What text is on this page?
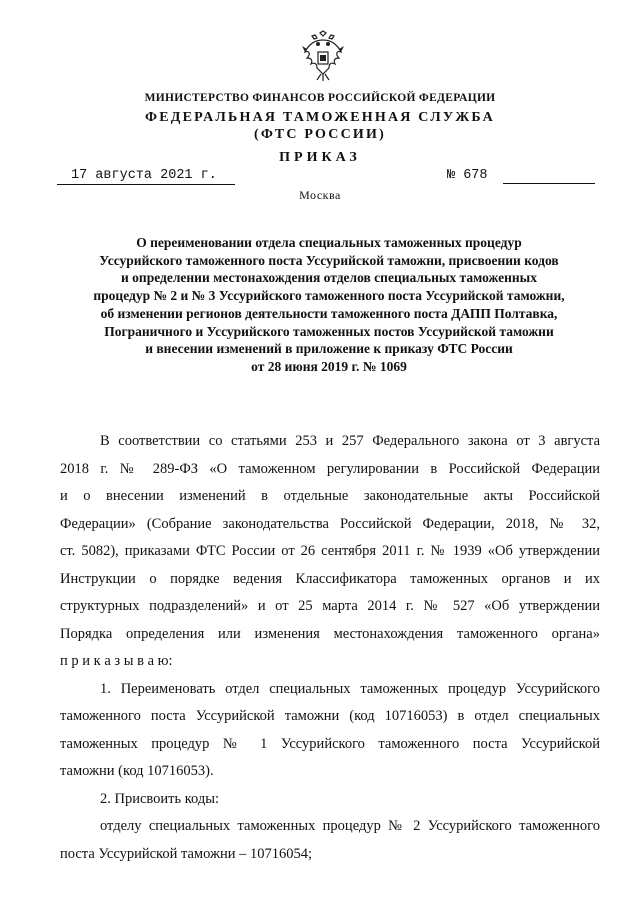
МИНИСТЕРСТВО ФИНАНСОВ РОССИЙСКОЙ ФЕДЕРАЦИИ
ФЕДЕРАЛЬНАЯ ТАМОЖЕННАЯ СЛУЖБА
(ФТС РОССИИ)
ПРИКАЗ
17 августа 2021 г.	№ 678
Москва
О переименовании отдела специальных таможенных процедур
Уссурийского таможенного поста Уссурийской таможни, присвоении кодов
и определении местонахождения отделов специальных таможенных
процедур № 2 и № 3 Уссурийского таможенного поста Уссурийской таможни,
об изменении регионов деятельности таможенного поста ДАПП Полтавка,
Пограничного и Уссурийского таможенных постов Уссурийской таможни
и внесении изменений в приложение к приказу ФТС России
от 28 июня 2019 г. № 1069
В соответствии со статьями 253 и 257 Федерального закона от 3 августа
2018 г. № 289-ФЗ «О таможенном регулировании в Российской Федерации
и о внесении изменений в отдельные законодательные акты Российской
Федерации» (Собрание законодательства Российской Федерации, 2018, № 32,
ст. 5082), приказами ФТС России от 26 сентября 2011 г. № 1939 «Об утверждении
Инструкции о порядке ведения Классификатора таможенных органов и их
структурных подразделений» и от 25 марта 2014 г. № 527 «Об утверждении
Порядка определения или изменения местонахождения таможенного органа»
п р и к а з ы в а ю:
1. Переименовать отдел специальных таможенных процедур Уссурийского
таможенного поста Уссурийской таможни (код 10716053) в отдел специальных
таможенных процедур № 1 Уссурийского таможенного поста Уссурийской
таможни (код 10716053).
2. Присвоить коды:
отделу специальных таможенных процедур № 2 Уссурийского таможенного
поста Уссурийской таможни – 10716054;
